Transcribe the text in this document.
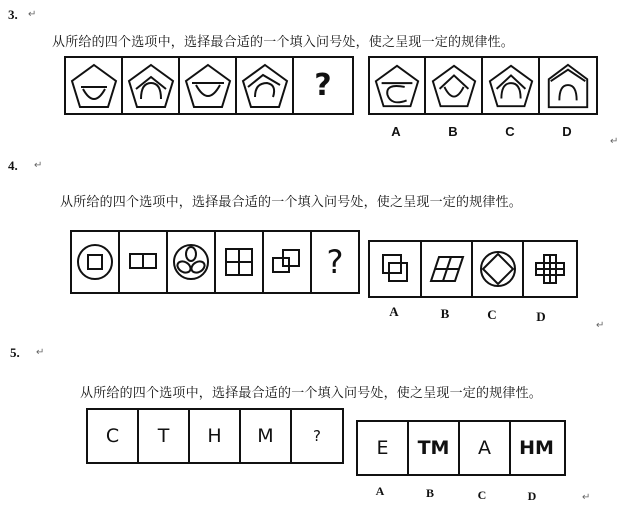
3. ↵
从所给的四个选项中，选择最合适的一个填入问号处，使之呈现一定的规律性。
?
A	B	C	D
↵
4. ↵
从所给的四个选项中，选择最合适的一个填入问号处，使之呈现一定的规律性。
?
A	B	C	D
↵
5. ↵
从所给的四个选项中，选择最合适的一个填入问号处，使之呈现一定的规律性。
C T H M	?
E TM A HM
A	B	C	D	↵
